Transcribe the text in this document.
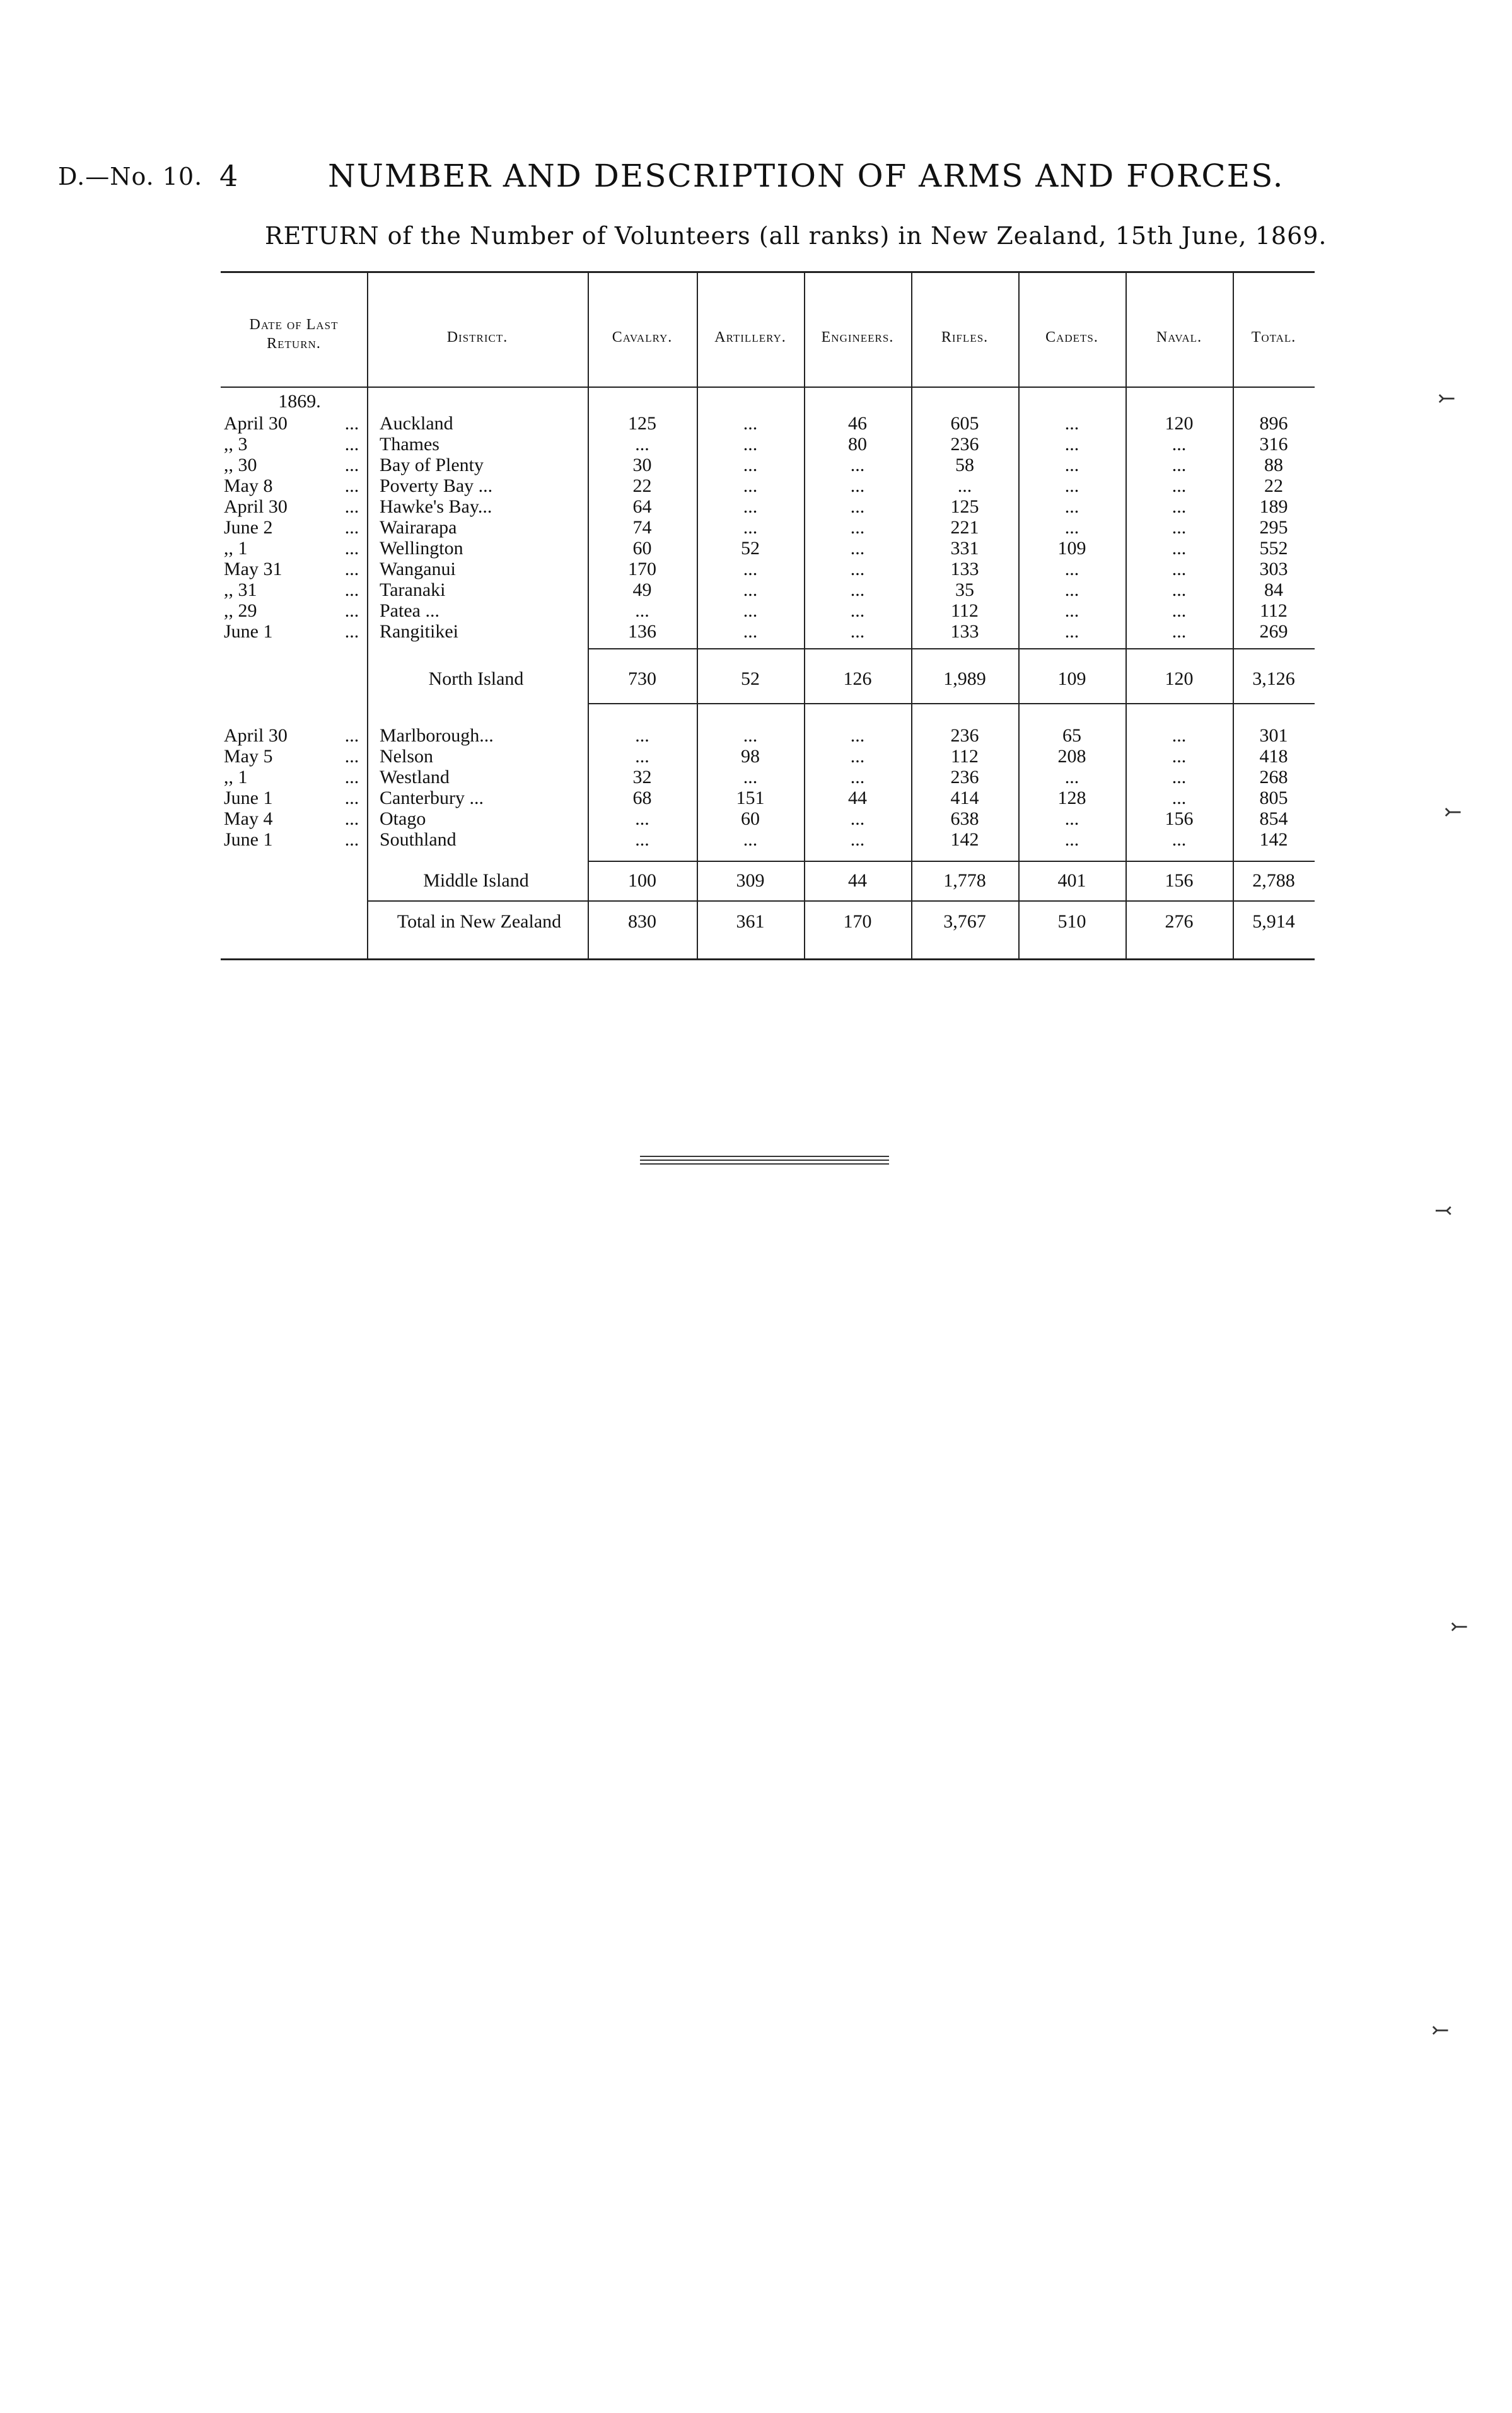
D.—No. 10. 4	NUMBER AND DESCRIPTION OF ARMS AND FORCES.
RETURN of the Number of Volunteers (all ranks) in New Zealand, 15th June, 1869.
Date of Last Return.	District.	Cavalry.	Artillery.	Engineers.	Rifles.	Cadets.	Naval.	Total.
1869.
April 30	... Auckland	125	...	46	605	...	120	896
,, 3	... Thames	...	...	80	236	...	...	316
,, 30	... Bay of Plenty	30	...	...	58	...	...	88
May 8	... Poverty Bay ...	22	...	...	...	...	...	22
April 30	... Hawke's Bay...	64	...	...	125	...	...	189
June 2	... Wairarapa	74	...	...	221	...	...	295
,, 1	... Wellington	60	52	...	331	109	...	552
May 31	... Wanganui	170	...	...	133	...	...	303
,, 31	... Taranaki	49	...	...	35	...	...	84
,, 29	... Patea ...	...	...	...	112	...	...	112
June 1	... Rangitikei	136	...	...	133	...	...	269
North Island	730	52	126	1,989	109	120	3,126
April 30	... Marlborough...	...	...	...	236	65	...	301
May 5	... Nelson	...	98	...	112	208	...	418
,, 1	... Westland	32	...	...	236	...	...	268
June 1	... Canterbury ...	68	151	44	414	128	...	805
May 4	... Otago	...	60	...	638	...	156	854
June 1	... Southland	...	...	...	142	...	...	142
Middle Island	100	309	44	1,778	401	156	2,788
Total in New Zealand	830	361	170	3,767	510	276	5,914
⤚
⤚
⤙
⤚
⤚
